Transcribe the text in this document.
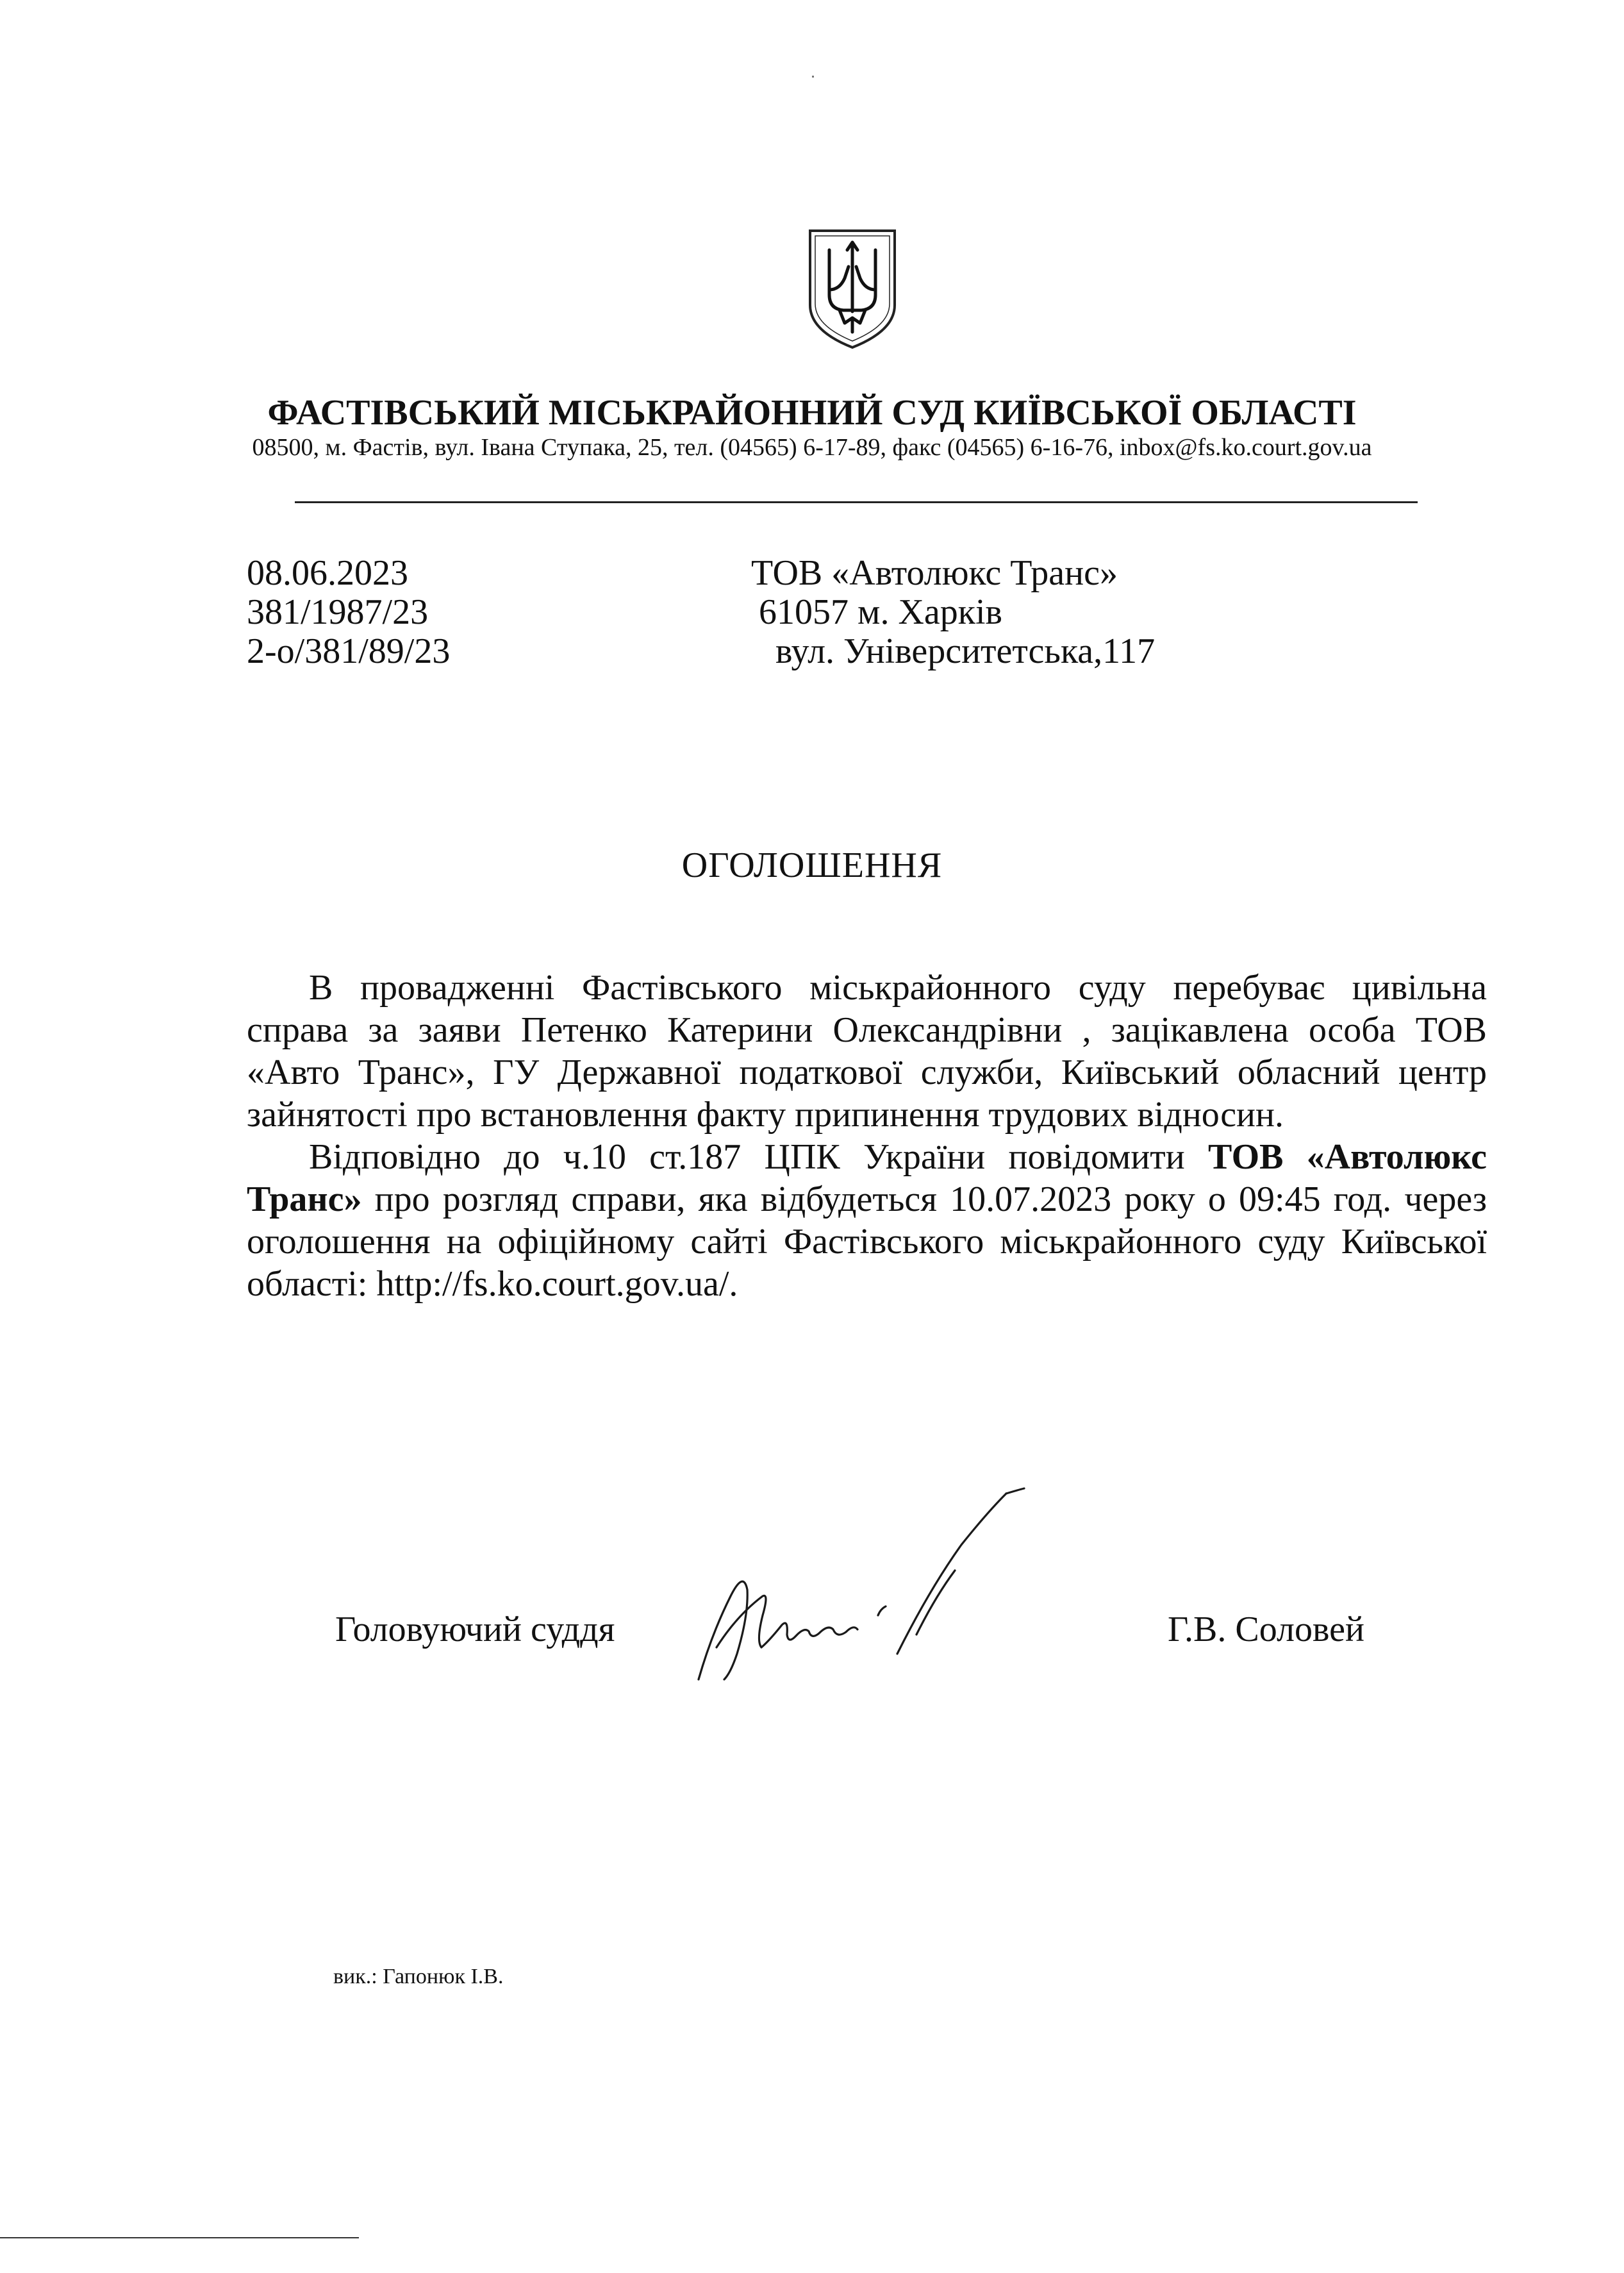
ФАСТІВСЬКИЙ МІСЬКРАЙОННИЙ СУД КИЇВСЬКОЇ ОБЛАСТІ
08500, м. Фастів, вул. Івана Ступака, 25, тел. (04565) 6-17-89, факс (04565) 6-16-76, inbox@fs.ko.court.gov.ua
08.06.2023
381/1987/23
2-о/381/89/23
ТОВ «Автолюкс Транс»
61057 м. Харків
вул. Університетська,117
ОГОЛОШЕННЯ

В провадженні Фастівського міськрайонного суду перебуває цивільна справа за заяви Петенко Катерини Олександрівни , зацікавлена особа ТОВ «Авто Транс», ГУ Державної податкової служби, Київський обласний центр зайнятості про встановлення факту припинення трудових відносин.

Відповідно до ч.10 ст.187 ЦПК України повідомити ТОВ «Автолюкс Транс» про розгляд справи, яка відбудеться 10.07.2023 року о 09:45 год. через оголошення на офіційному сайті Фастівського міськрайонного суду Київської області: http://fs.ko.court.gov.ua/.

Головуючий суддя	Г.В. Соловей
вик.: Гапонюк І.В.
